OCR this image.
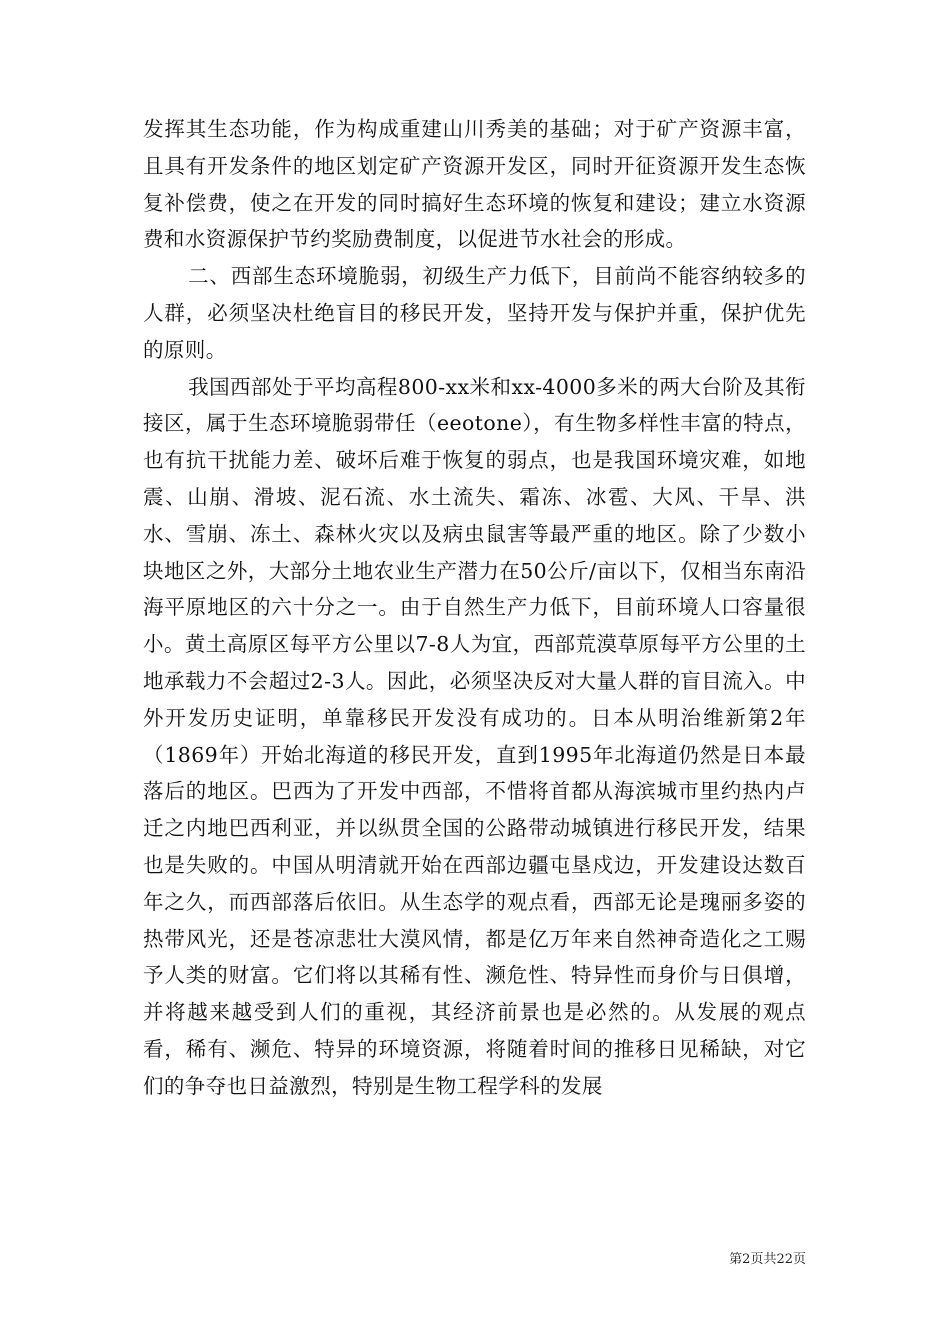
发挥其生态功能，作为构成重建山川秀美的基础；对于矿产资源丰富，且具有开发条件的地区划定矿产资源开发区，同时开征资源开发生态恢复补偿费，使之在开发的同时搞好生态环境的恢复和建设；建立水资源费和水资源保护节约奖励费制度，以促进节水社会的形成。

二、西部生态环境脆弱，初级生产力低下，目前尚不能容纳较多的人群，必须坚决杜绝盲目的移民开发，坚持开发与保护并重，保护优先的原则。

我国西部处于平均高程800-xx米和xx-4000多米的两大台阶及其衔接区，属于生态环境脆弱带任（eeotone），有生物多样性丰富的特点，也有抗干扰能力差、破坏后难于恢复的弱点，也是我国环境灾难，如地震、山崩、滑坡、泥石流、水土流失、霜冻、冰雹、大风、干旱、洪水、雪崩、冻土、森林火灾以及病虫鼠害等最严重的地区。除了少数小块地区之外，大部分土地农业生产潜力在50公斤/亩以下，仅相当东南沿海平原地区的六十分之一。由于自然生产力低下，目前环境人口容量很小。黄土高原区每平方公里以7-8人为宜，西部荒漠草原每平方公里的土地承载力不会超过2-3人。因此，必须坚决反对大量人群的盲目流入。中外开发历史证明，单靠移民开发没有成功的。日本从明治维新第2年（1869年）开始北海道的移民开发，直到1995年北海道仍然是日本最落后的地区。巴西为了开发中西部，不惜将首都从海滨城市里约热内卢迁之内地巴西利亚，并以纵贯全国的公路带动城镇进行移民开发，结果也是失败的。中国从明清就开始在西部边疆屯垦戍边，开发建设达数百年之久，而西部落后依旧。从生态学的观点看，西部无论是瑰丽多姿的热带风光，还是苍凉悲壮大漠风情，都是亿万年来自然神奇造化之工赐予人类的财富。它们将以其稀有性、濒危性、特异性而身价与日俱增，并将越来越受到人们的重视，其经济前景也是必然的。从发展的观点看，稀有、濒危、特异的环境资源，将随着时间的推移日见稀缺，对它们的争夺也日益激烈，特别是生物工程学科的发展

第2页共22页
